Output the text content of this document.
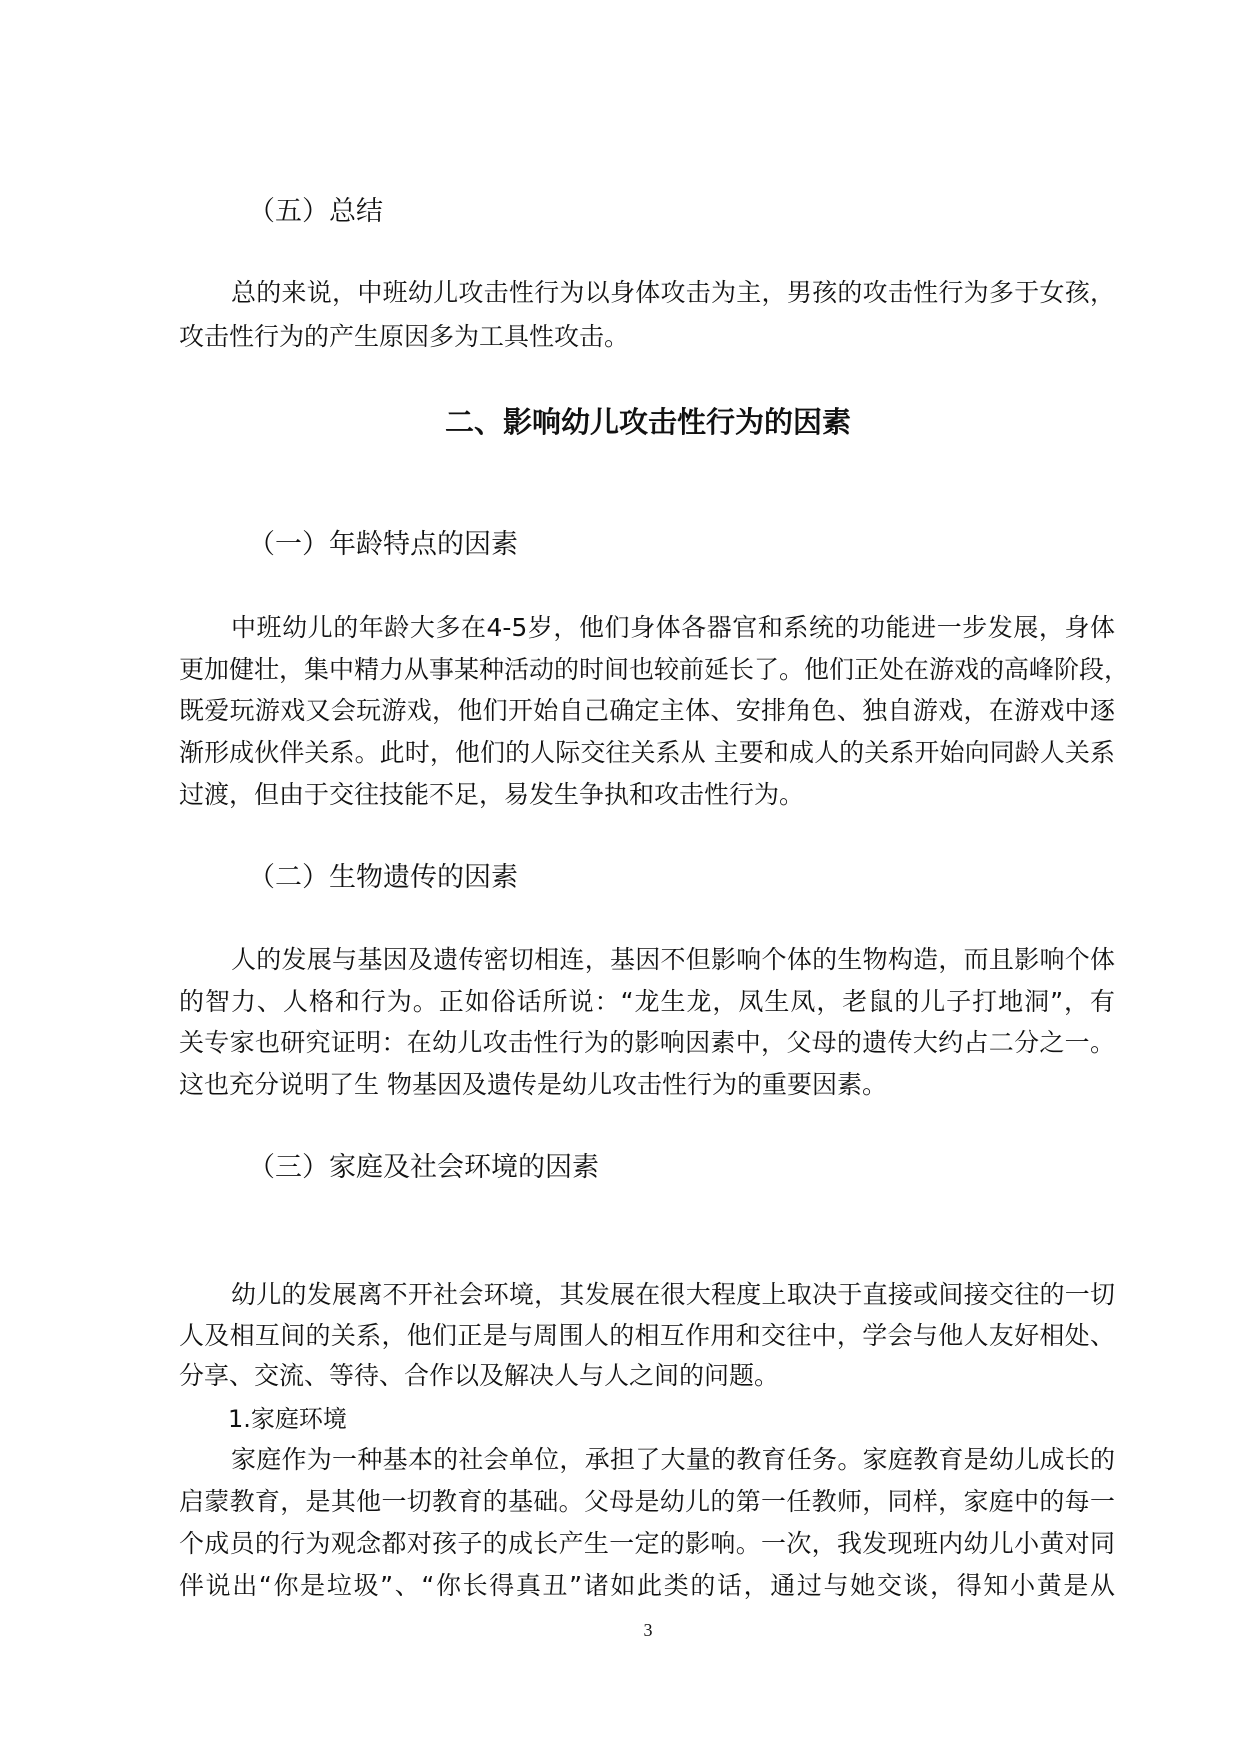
（五）总结
总的来说，中班幼儿攻击性行为以身体攻击为主，男孩的攻击性行为多于女孩，
攻击性行为的产生原因多为工具性攻击。
二、影响幼儿攻击性行为的因素
（一）年龄特点的因素
中班幼儿的年龄大多在4-5岁，他们身体各器官和系统的功能进一步发展，身体
更加健壮，集中精力从事某种活动的时间也较前延长了。他们正处在游戏的高峰阶段，
既爱玩游戏又会玩游戏，他们开始自己确定主体、安排角色、独自游戏，在游戏中逐
渐形成伙伴关系。此时，他们的人际交往关系从 主要和成人的关系开始向同龄人关系
过渡，但由于交往技能不足，易发生争执和攻击性行为。
（二）生物遗传的因素
人的发展与基因及遗传密切相连，基因不但影响个体的生物构造，而且影响个体
的智力、人格和行为。正如俗话所说：“龙生龙，凤生凤，老鼠的儿子打地洞”，有
关专家也研究证明：在幼儿攻击性行为的影响因素中，父母的遗传大约占二分之一。
这也充分说明了生 物基因及遗传是幼儿攻击性行为的重要因素。
（三）家庭及社会环境的因素
幼儿的发展离不开社会环境，其发展在很大程度上取决于直接或间接交往的一切
人及相互间的关系，他们正是与周围人的相互作用和交往中，学会与他人友好相处、
分享、交流、等待、合作以及解决人与人之间的问题。
1.家庭环境
家庭作为一种基本的社会单位，承担了大量的教育任务。家庭教育是幼儿成长的
启蒙教育，是其他一切教育的基础。父母是幼儿的第一任教师，同样，家庭中的每一
个成员的行为观念都对孩子的成长产生一定的影响。一次，我发现班内幼儿小黄对同
伴说出“你是垃圾”、“你长得真丑”诸如此类的话，通过与她交谈，得知小黄是从
3
